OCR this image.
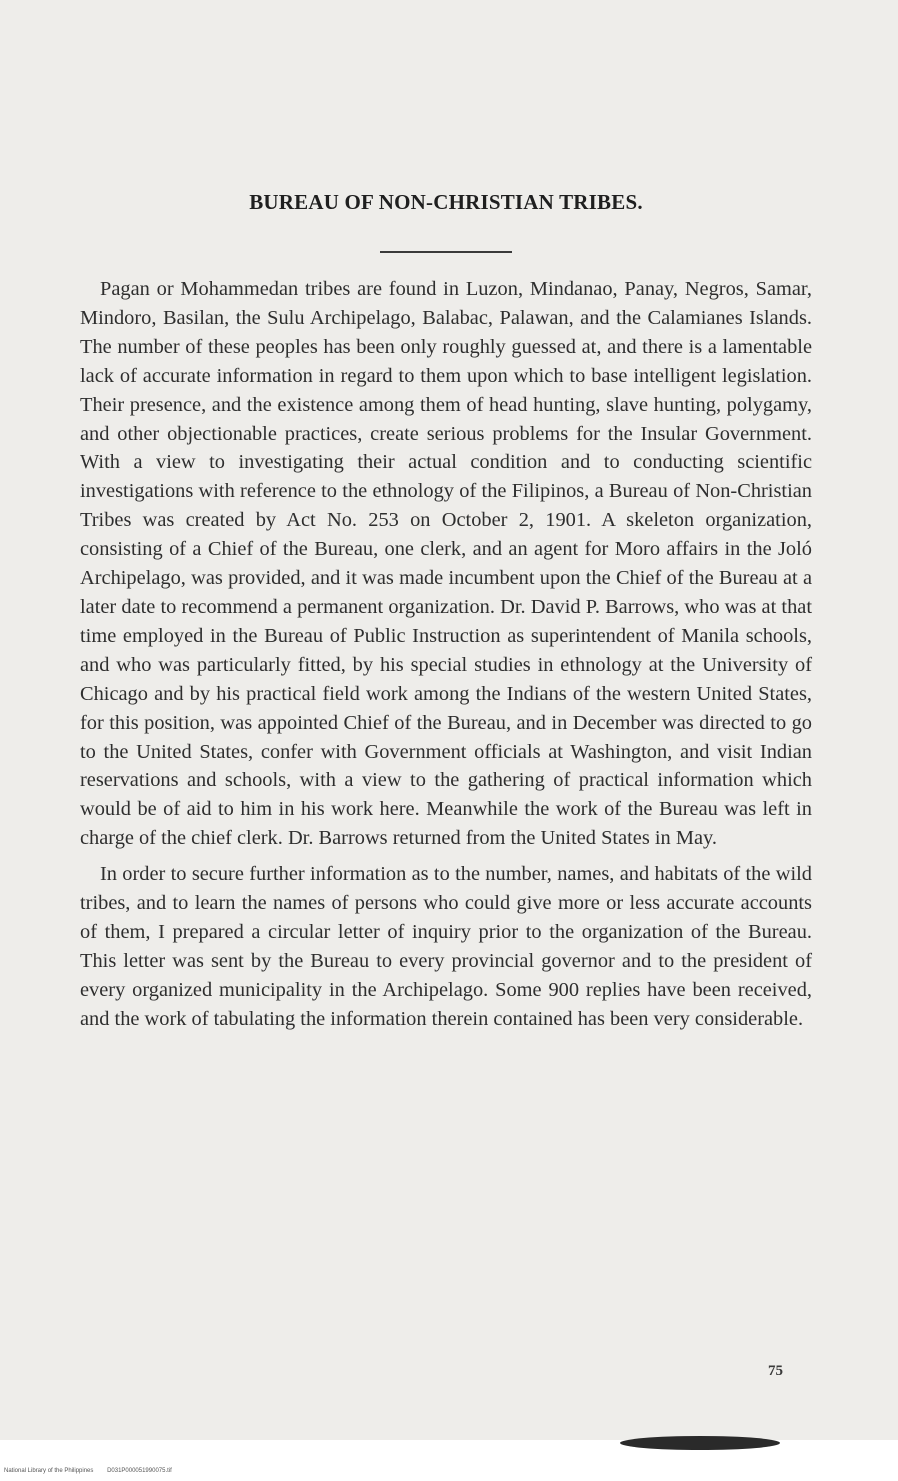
BUREAU OF NON-CHRISTIAN TRIBES.

Pagan or Mohammedan tribes are found in Luzon, Mindanao, Panay, Negros, Samar, Mindoro, Basilan, the Sulu Archipelago, Balabac, Palawan, and the Calamianes Islands. The number of these peoples has been only roughly guessed at, and there is a lamentable lack of accurate information in regard to them upon which to base intelligent legislation. Their presence, and the existence among them of head hunting, slave hunting, polygamy, and other objectionable practices, create serious problems for the Insular Government. With a view to investigating their actual condition and to conducting scientific investigations with reference to the ethnology of the Filipinos, a Bureau of Non-Christian Tribes was created by Act No. 253 on October 2, 1901. A skeleton organization, consisting of a Chief of the Bureau, one clerk, and an agent for Moro affairs in the Joló Archipelago, was provided, and it was made incumbent upon the Chief of the Bureau at a later date to recommend a permanent organization. Dr. David P. Barrows, who was at that time employed in the Bureau of Public Instruction as superintendent of Manila schools, and who was particularly fitted, by his special studies in ethnology at the University of Chicago and by his practical field work among the Indians of the western United States, for this position, was appointed Chief of the Bureau, and in December was directed to go to the United States, confer with Government officials at Washington, and visit Indian reservations and schools, with a view to the gathering of practical information which would be of aid to him in his work here. Meanwhile the work of the Bureau was left in charge of the chief clerk. Dr. Barrows returned from the United States in May.

In order to secure further information as to the number, names, and habitats of the wild tribes, and to learn the names of persons who could give more or less accurate accounts of them, I prepared a circular letter of inquiry prior to the organization of the Bureau. This letter was sent by the Bureau to every provincial governor and to the president of every organized municipality in the Archipelago. Some 900 replies have been received, and the work of tabulating the information therein contained has been very considerable.

75
National Library of the Philippines D031P000051990075.tif
